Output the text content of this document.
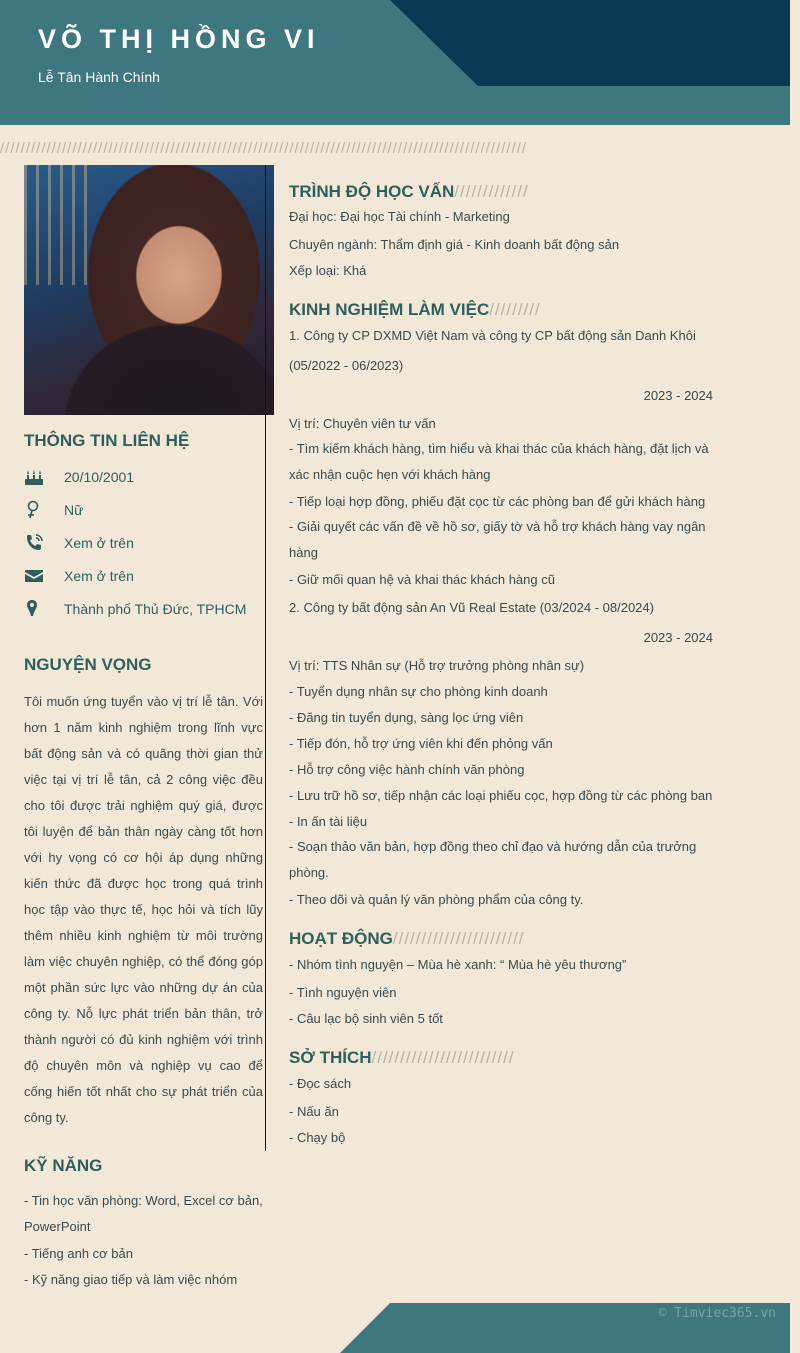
VÕ THỊ HỒNG VI
Lễ Tân Hành Chính
//////////////////////////////////////////////////////////////////////////////////////////////////////
THÔNG TIN LIÊN HỆ
20/10/2001
Nữ
Xem ở trên
Xem ở trên
Thành phố Thủ Đức, TPHCM
NGUYỆN VỌNG
Tôi muốn ứng tuyển vào vị trí lễ tân. Với hơn 1 năm kinh nghiệm trong lĩnh vực bất động sản và có quãng thời gian thử việc tại vị trí lễ tân, cả 2 công việc đều cho tôi được trải nghiệm quý giá, được tôi luyện để bản thân ngày càng tốt hơn với hy vọng có cơ hội áp dụng những kiến thức đã được học trong quá trình học tập vào thực tế, học hỏi và tích lũy thêm nhiều kinh nghiệm từ môi trường làm việc chuyên nghiệp, có thể đóng góp một phần sức lực vào những dự án của công ty. Nỗ lực phát triển bản thân, trở thành người có đủ kinh nghiệm với trình độ chuyên môn và nghiệp vụ cao để cống hiến tốt nhất cho sự phát triển của công ty.
KỸ NĂNG
- Tin học văn phòng: Word, Excel cơ bản, PowerPoint
- Tiếng anh cơ bản
- Kỹ năng giao tiếp và làm việc nhóm
TRÌNH ĐỘ HỌC VẤN/////////////
Đại học: Đại học Tài chính - Marketing
Chuyên ngành: Thẩm định giá - Kinh doanh bất động sản
Xếp loại: Khá
KINH NGHIỆM LÀM VIỆC/////////
1. Công ty CP DXMD Việt Nam và công ty CP bất động sản Danh Khôi
(05/2022 - 06/2023)
2023 - 2024
Vị trí: Chuyên viên tư vấn
- Tìm kiếm khách hàng, tìm hiểu và khai thác của khách hàng, đặt lịch và xác nhận cuộc hẹn với khách hàng
- Tiếp loại hợp đồng, phiếu đặt cọc từ các phòng ban để gửi khách hàng
- Giải quyết các vấn đề về hồ sơ, giấy tờ và hỗ trợ khách hàng vay ngân hàng
- Giữ mối quan hệ và khai thác khách hàng cũ
2. Công ty bất động sản An Vũ Real Estate (03/2024 - 08/2024)
2023 - 2024
Vị trí: TTS Nhân sự (Hỗ trợ trưởng phòng nhân sự)
- Tuyển dụng nhân sự cho phòng kinh doanh
- Đăng tin tuyển dụng, sàng lọc ứng viên
- Tiếp đón, hỗ trợ ứng viên khi đến phỏng vấn
- Hỗ trợ công việc hành chính văn phòng
- Lưu trữ hồ sơ, tiếp nhận các loại phiếu cọc, hợp đồng từ các phòng ban
- In ấn tài liệu
- Soạn thảo văn bản, hợp đồng theo chỉ đạo và hướng dẫn của trưởng phòng.
- Theo dõi và quản lý văn phòng phẩm của công ty.
HOẠT ĐỘNG///////////////////////
- Nhóm tình nguyện – Mùa hè xanh: “ Mùa hè yêu thương”
- Tình nguyện viên
- Câu lạc bộ sinh viên 5 tốt
SỞ THÍCH/////////////////////////
- Đọc sách
- Nấu ăn
- Chạy bộ
© Timviec365.vn
